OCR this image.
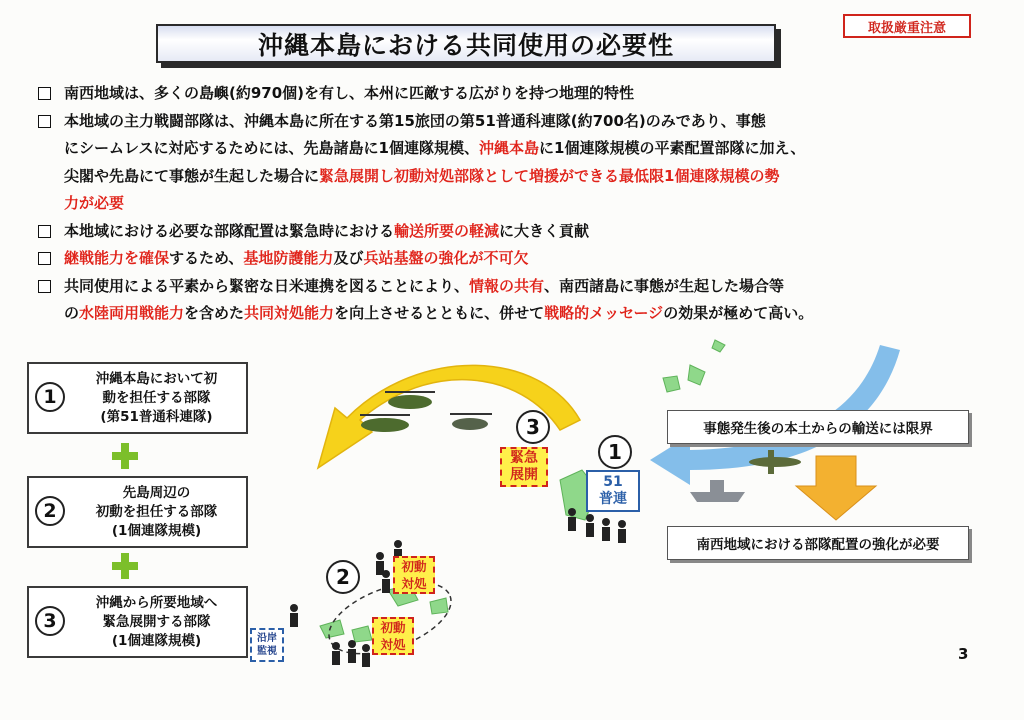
取扱厳重注意
沖縄本島における共同使用の必要性
南西地域は、多くの島嶼(約970個)を有し、本州に匹敵する広がりを持つ地理的特性
本地域の主力戦闘部隊は、沖縄本島に所在する第15旅団の第51普通科連隊(約700名)のみであり、事態
にシームレスに対応するためには、先島諸島に1個連隊規模、沖縄本島に1個連隊規模の平素配置部隊に加え、
尖閣や先島にて事態が生起した場合に緊急展開し初動対処部隊として増援ができる最低限1個連隊規模の勢
力が必要
本地域における必要な部隊配置は緊急時における輸送所要の軽減に大きく貢献
継戦能力を確保するため、基地防護能力及び兵站基盤の強化が不可欠
共同使用による平素から緊密な日米連携を図ることにより、情報の共有、南西諸島に事態が生起した場合等
の水陸両用戦能力を含めた共同対処能力を向上させるとともに、併せて戦略的メッセージの効果が極めて高い。
1
沖縄本島において初
動を担任する部隊
(第51普通科連隊)
2
先島周辺の
初動を担任する部隊
(1個連隊規模)
3
沖縄から所要地域へ
緊急展開する部隊
(1個連隊規模)
3
1
2
緊急
展開	51
普連
初動
対処
初動
対処
沿岸
監視
事態発生後の本土からの輸送には限界
南西地域における部隊配置の強化が必要
3
